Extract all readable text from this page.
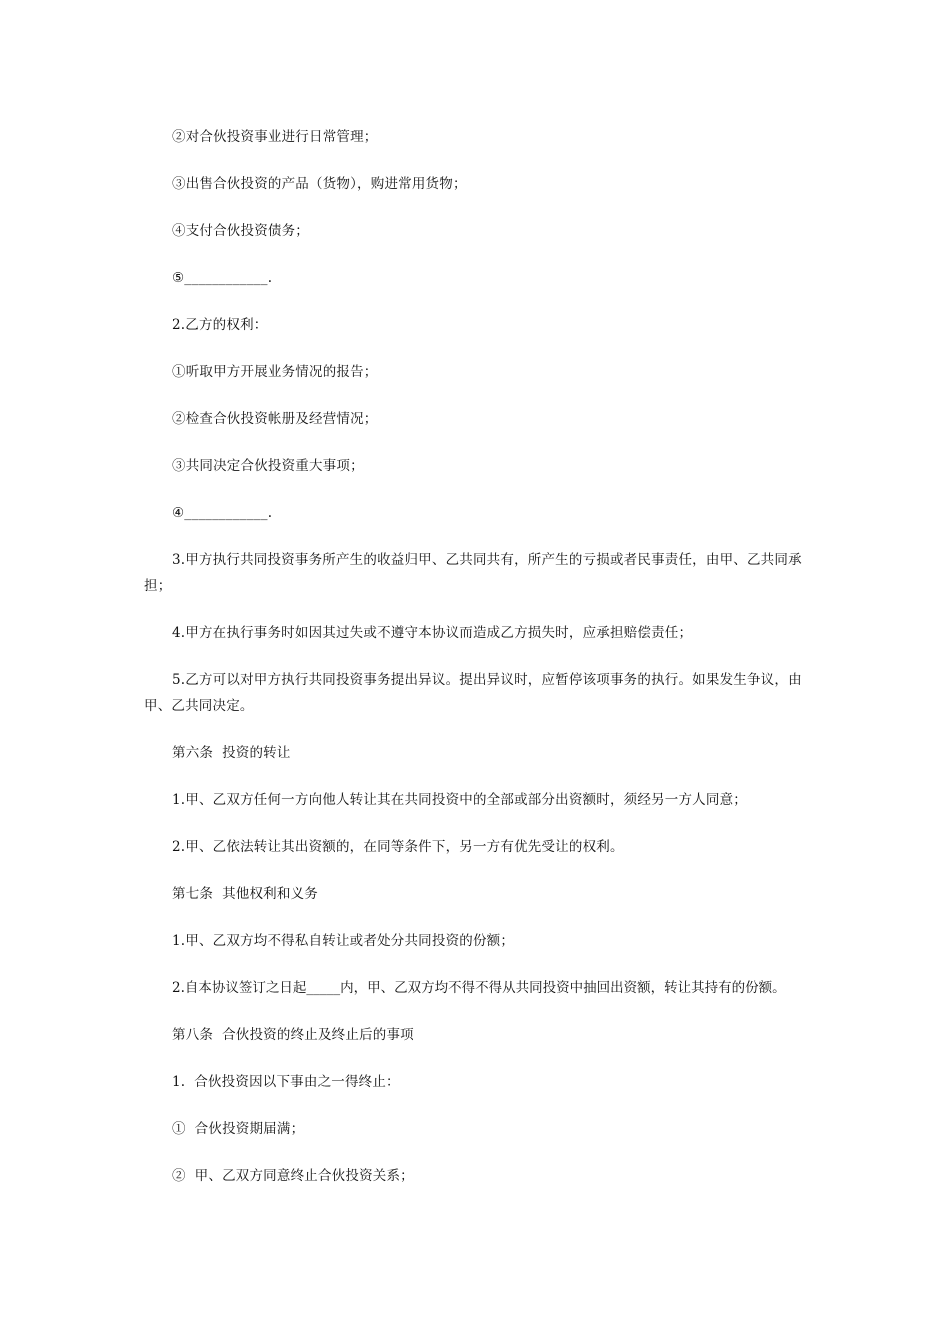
②对合伙投资事业进行日常管理；

③出售合伙投资的产品（货物），购进常用货物；

④支付合伙投资债务；

⑤____________.

2.乙方的权利：

①听取甲方开展业务情况的报告；

②检查合伙投资帐册及经营情况；

③共同决定合伙投资重大事项；

④____________.

3.甲方执行共同投资事务所产生的收益归甲、乙共同共有，所产生的亏损或者民事责任，由甲、乙共同承担；

4.甲方在执行事务时如因其过失或不遵守本协议而造成乙方损失时，应承担赔偿责任；

5.乙方可以对甲方执行共同投资事务提出异议。提出异议时，应暂停该项事务的执行。如果发生争议，由甲、乙共同决定。

第六条  投资的转让

1.甲、乙双方任何一方向他人转让其在共同投资中的全部或部分出资额时，须经另一方人同意；

2.甲、乙依法转让其出资额的，在同等条件下，另一方有优先受让的权利。

第七条  其他权利和义务

1.甲、乙双方均不得私自转让或者处分共同投资的份额；

2.自本协议签订之日起_____内，甲、乙双方均不得不得从共同投资中抽回出资额，转让其持有的份额。

第八条  合伙投资的终止及终止后的事项

1.  合伙投资因以下事由之一得终止：

①  合伙投资期届满；

②  甲、乙双方同意终止合伙投资关系；
